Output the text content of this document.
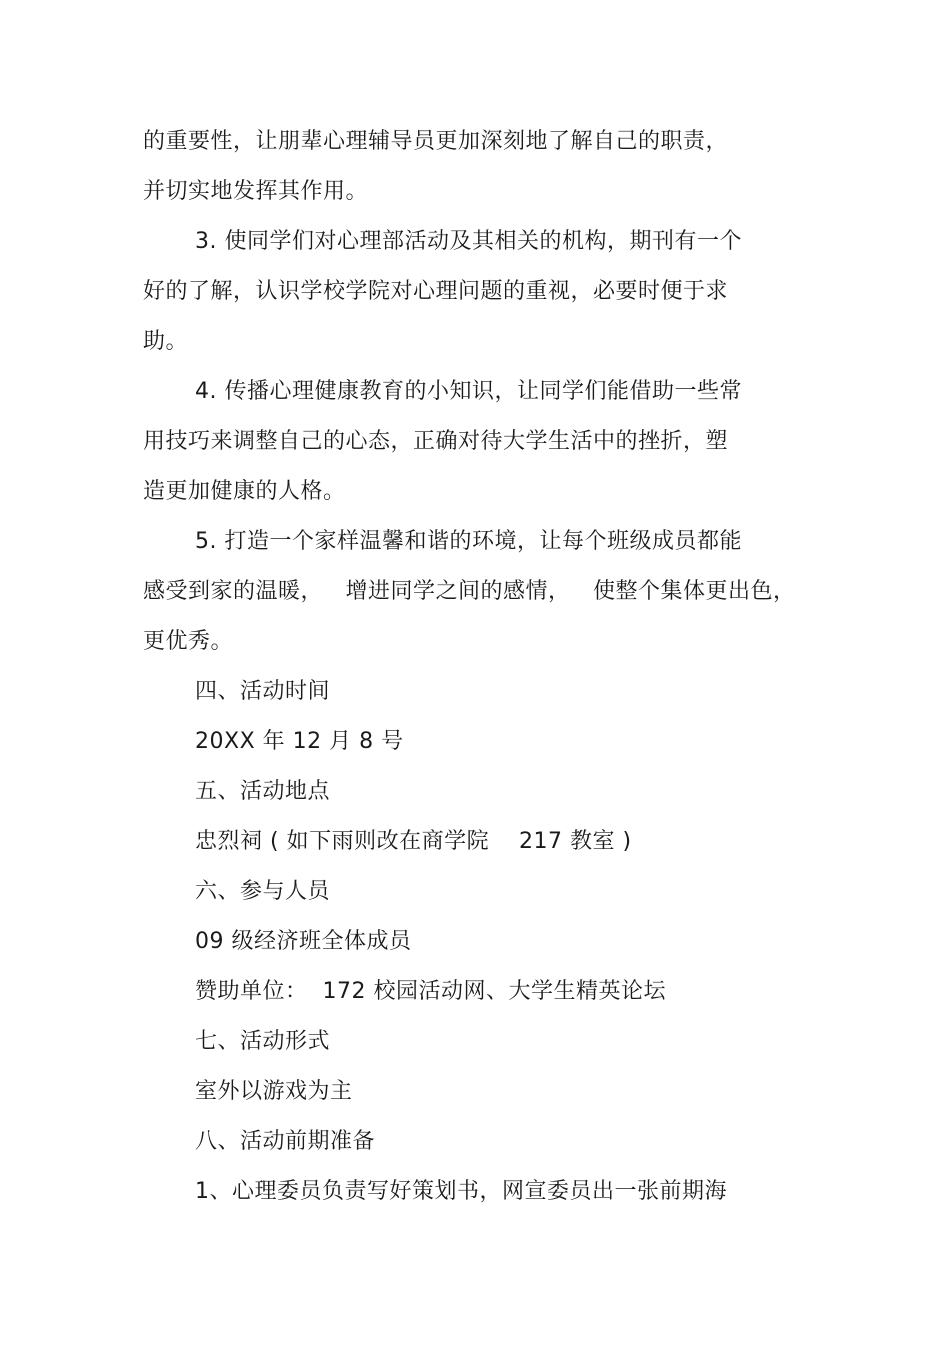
的重要性，让朋辈心理辅导员更加深刻地了解自己的职责，
并切实地发挥其作用。
3. 使同学们对心理部活动及其相关的机构，期刊有一个
好的了解，认识学校学院对心理问题的重视，必要时便于求
助。
4. 传播心理健康教育的小知识，让同学们能借助一些常
用技巧来调整自己的心态，正确对待大学生活中的挫折，塑
造更加健康的人格。
5. 打造一个家样温馨和谐的环境，让每个班级成员都能
感受到家的温暖，   增进同学之间的感情，   使整个集体更出色，
更优秀。
四、活动时间
20XX 年 12 月 8 号
五、活动地点
忠烈祠 ( 如下雨则改在商学院    217 教室 )
六、参与人员
09 级经济班全体成员
赞助单位：  172 校园活动网、大学生精英论坛
七、活动形式
室外以游戏为主
八、活动前期准备
1、心理委员负责写好策划书，网宣委员出一张前期海
